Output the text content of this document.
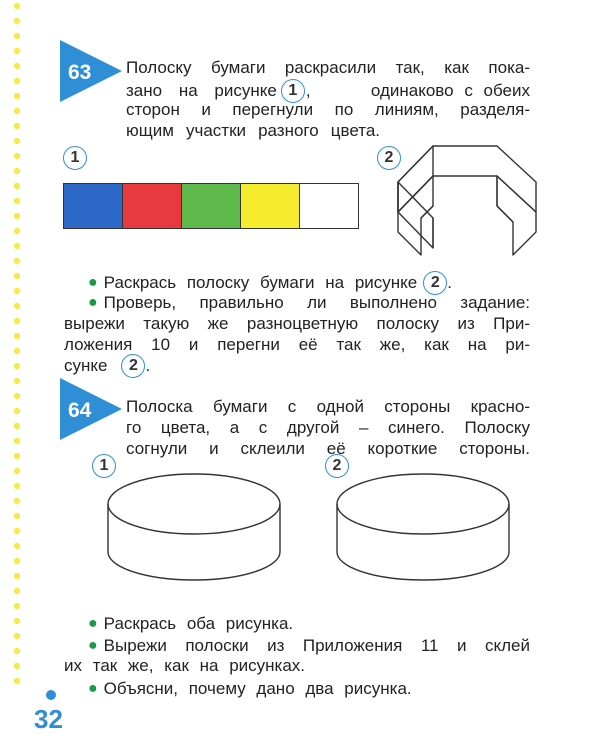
63 Полоску бумаги раскрасили так, как пока-
зано на рисунке 1 ,	одинаково с обеих
сторон и перегнули по линиям, разделя-
ющим участки разного цвета.
1	2
● Раскрась полоску бумаги на рисунке 2 .
● Проверь, правильно ли выполнено задание:
вырежи такую же разноцветную полоску из При-
ложения 10 и перегни её так же, как на ри-
сунке	2 .
64 Полоска бумаги с одной стороны красно-
го цвета, а с другой – синего. Полоску
согнули и склеили её короткие стороны.
1	2
● Раскрась оба рисунка.
● Вырежи полоски из Приложения 11 и склей
их так же, как на рисунках.
● Объясни, почему дано два рисунка.
32
